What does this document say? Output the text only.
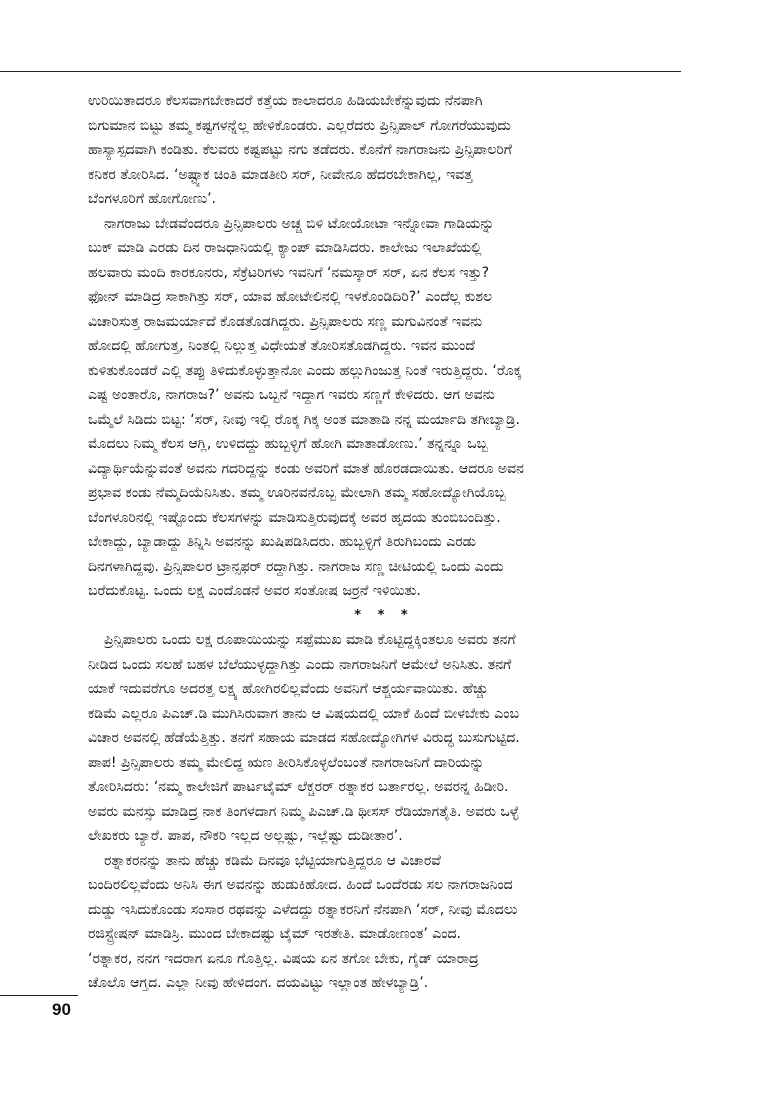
ಉರಿಯಿತಾದರೂ ಕೆಲಸವಾಗಬೇಕಾದರೆ ಕತ್ತೆಯ ಕಾಲಾದರೂ ಹಿಡಿಯಬೇಕೆನ್ನುವುದು ನೆನಪಾಗಿ
ಬಿಗುಮಾನ ಬಿಟ್ಟು ತಮ್ಮ ಕಷ್ಟಗಳನ್ನೆಲ್ಲ ಹೇಳಿಕೊಂಡರು. ಎಲ್ಲರೆದರು ಪ್ರಿನ್ಸಿಪಾಲ್ ಗೋಗರೆಯುವುದು
ಹಾಸ್ಯಾಸ್ಪದವಾಗಿ ಕಂಡಿತು. ಕೆಲವರು ಕಷ್ಟಪಟ್ಟು ನಗು ತಡೆದರು. ಕೊನೆಗೆ ನಾಗರಾಜನು ಪ್ರಿನ್ಸಿಪಾಲರಿಗೆ
ಕನಿಕರ ತೋರಿಸಿದ. ‘ಅಷ್ಟ್ಯಾಕ ಚಿಂತಿ ಮಾಡತೀರಿ ಸರ್, ನೀವೇನೂ ಹೆದರಬೇಕಾಗಿಲ್ಲ, ಇವತ್ತ
ಬೆಂಗಳೂರಿಗೆ ಹೋಗೋಣು’.
ನಾಗರಾಜು ಬೇಡವೆಂದರೂ ಪ್ರಿನ್ಸಿಪಾಲರು ಅಚ್ಚ ಬಿಳಿ ಟೋಯೋಟಾ ಇನ್ನೋವಾ ಗಾಡಿಯನ್ನು
ಬುಕ್ ಮಾಡಿ ಎರಡು ದಿನ ರಾಜಧಾನಿಯಲ್ಲಿ ಕ್ಯಾಂಪ್ ಮಾಡಿಸಿದರು. ಕಾಲೇಜು ಇಲಾಖೆಯಲ್ಲಿ
ಹಲವಾರು ಮಂದಿ ಕಾರಕೂನರು, ಸೆಕ್ರೆಟರಿಗಳು ಇವನಿಗೆ ‘ನಮಸ್ಕಾರ್ ಸರ್, ಏನ ಕೆಲಸ ಇತ್ತು?
ಫೋನ್ ಮಾಡಿದ್ರ ಸಾಕಾಗಿತ್ತು ಸರ್, ಯಾವ ಹೋಟೇಲಿನಲ್ಲಿ ಇಳಕೊಂಡಿದಿರಿ?’ ಎಂದೆಲ್ಲ ಕುಶಲ
ವಿಚಾರಿಸುತ್ತ ರಾಜಮರ್ಯಾದೆ ಕೊಡತೊಡಗಿದ್ದರು. ಪ್ರಿನ್ಸಿಪಾಲರು ಸಣ್ಣ ಮಗುವಿನಂತೆ ಇವನು
ಹೋದಲ್ಲಿ ಹೋಗುತ್ತ, ನಿಂತಲ್ಲಿ ನಿಲ್ಲುತ್ತ ವಿಧೇಯತೆ ತೋರಿಸತೊಡಗಿದ್ದರು. ಇವನ ಮುಂದೆ
ಕುಳಿತುಕೊಂಡರೆ ಎಲ್ಲಿ ತಪ್ಪು ತಿಳಿದುಕೊಳ್ಳುತ್ತಾನೋ ಎಂದು ಹಲ್ಲುಗಿಂಜುತ್ತ ನಿಂತೆ ಇರುತ್ತಿದ್ದರು. ‘ರೊಕ್ಕ
ಎಷ್ಟ ಅಂತಾರೊ, ನಾಗರಾಜ?’ ಅವನು ಒಬ್ಬನೆ ಇದ್ದಾಗ ಇವರು ಸಣ್ಣಗೆ ಕೇಳಿದರು. ಆಗ ಅವನು
ಒಮ್ಮೆಲೆ ಸಿಡಿದು ಬಿಟ್ಟ: ‘ಸರ್, ನೀವು ಇಲ್ಲಿ ರೊಕ್ಕ ಗಿಕ್ಕ ಅಂತ ಮಾತಾಡಿ ನನ್ನ ಮರ್ಯಾದಿ ತಗೀಬ್ಯಾಡ್ರಿ.
ಮೊದಲು ನಿಮ್ಮ ಕೆಲಸ ಆಗ್ಲಿ, ಉಳಿದದ್ದು ಹುಬ್ಬಳ್ಳಿಗೆ ಹೋಗಿ ಮಾತಾಡೋಣು.’ ತನ್ನನ್ನೂ ಒಬ್ಬ
ವಿದ್ಯಾರ್ಥಿಯೆನ್ನುವಂತೆ ಅವನು ಗದರಿದ್ದನ್ನು ಕಂಡು ಅವರಿಗೆ ಮಾತೆ ಹೊರಡದಾಯಿತು. ಆದರೂ ಅವನ
ಪ್ರಭಾವ ಕಂಡು ನೆಮ್ಮದಿಯೆನಿಸಿತು. ತಮ್ಮ ಊರಿನವನೊಬ್ಬ ಮೇಲಾಗಿ ತಮ್ಮ ಸಹೋದ್ಯೋಗಿಯೊಬ್ಬ
ಬೆಂಗಳೂರಿನಲ್ಲಿ ಇಷ್ಟೊಂದು ಕೆಲಸಗಳನ್ನು ಮಾಡಿಸುತ್ತಿರುವುದಕ್ಕೆ ಅವರ ಹೃದಯ ತುಂಬಿಬಂದಿತ್ತು.
ಬೇಕಾದ್ದು, ಬ್ಯಾಡಾದ್ದು ತಿನ್ನಿಸಿ ಅವನನ್ನು ಖುಷಿಪಡಿಸಿದರು. ಹುಬ್ಬಳ್ಳಿಗೆ ತಿರುಗಿಬಂದು ಎರಡು
ದಿನಗಳಾಗಿದ್ದವು. ಪ್ರಿನ್ಸಿಪಾಲರ ಟ್ರಾನ್ಸಫರ್ ರದ್ದಾಗಿತ್ತು. ನಾಗರಾಜ ಸಣ್ಣ ಚೀಟಿಯಲ್ಲಿ ಒಂದು ಎಂದು
ಬರೆದುಕೊಟ್ಟ. ಒಂದು ಲಕ್ಷ ಎಂದೊಡನೆ ಅವರ ಸಂತೋಷ ಜರ್ರನೆ ಇಳಿಯಿತು.
* * *
ಪ್ರಿನ್ಸಿಪಾಲರು ಒಂದು ಲಕ್ಷ ರೂಪಾಯಿಯನ್ನು ಸಪ್ಪೆಮುಖ ಮಾಡಿ ಕೊಟ್ಟಿದ್ದಕ್ಕಿಂತಲೂ ಅವರು ತನಗೆ
ನೀಡಿದ ಒಂದು ಸಲಹೆ ಬಹಳ ಬೆಲೆಯುಳ್ಳದ್ದಾಗಿತ್ತು ಎಂದು ನಾಗರಾಜನಿಗೆ ಆಮೇಲೆ ಅನಿಸಿತು. ತನಗೆ
ಯಾಕೆ ಇದುವರೆಗೂ ಅದರತ್ತ ಲಕ್ಷ್ಯ ಹೋಗಿರಲಿಲ್ಲವೆಂದು ಅವನಿಗೆ ಆಶ್ಚರ್ಯವಾಯಿತು. ಹೆಚ್ಚು
ಕಡಿಮೆ ಎಲ್ಲರೂ ಪಿಎಚ್.ಡಿ ಮುಗಿಸಿರುವಾಗ ತಾನು ಆ ವಿಷಯದಲ್ಲಿ ಯಾಕೆ ಹಿಂದೆ ಬೀಳಬೇಕು ಎಂಬ
ವಿಚಾರ ಅವನಲ್ಲಿ ಹೆಡೆಯೆತ್ತಿತ್ತು. ತನಗೆ ಸಹಾಯ ಮಾಡದ ಸಹೋದ್ಯೋಗಿಗಳ ವಿರುದ್ಧ ಬುಸುಗುಟ್ಟಿದ.
ಪಾಪ! ಪ್ರಿನ್ಸಿಪಾಲರು ತಮ್ಮ ಮೇಲಿದ್ದ ಋಣ ತೀರಿಸಿಕೊಳ್ಳಲೆಂಬಂತೆ ನಾಗರಾಜನಿಗೆ ದಾರಿಯನ್ನು
ತೋರಿಸಿದರು: ‘ನಮ್ಮ ಕಾಲೇಜಿಗೆ ಪಾರ್ಟಟೈಮ್ ಲೆಕ್ಚರರ್ ರತ್ನಾಕರ ಬರ್ತಾರಲ್ಲ. ಅವರನ್ನ ಹಿಡೀರಿ.
ಅವರು ಮನಸ್ಸು ಮಾಡಿದ್ರ ನಾಕ ತಿಂಗಳದಾಗ ನಿಮ್ಮ ಪಿಎಚ್.ಡಿ ಥೀಸಸ್ ರೆಡಿಯಾಗತೈತಿ. ಅವರು ಒಳ್ಳೆ
ಲೇಖಕರು ಬ್ಯಾರೆ. ಪಾಪ, ನೌಕರಿ ಇಲ್ಲದ ಅಲ್ಲಷ್ಟು, ಇಲ್ಲೆಷ್ಟು ದುಡೀತಾರ’.
ರತ್ನಾಕರನನ್ನು ತಾನು ಹೆಚ್ಚು ಕಡಿಮೆ ದಿನವೂ ಭೆಟ್ಟಿಯಾಗುತ್ತಿದ್ದರೂ ಆ ವಿಚಾರವೆ
ಬಂದಿರಲಿಲ್ಲವೆಂದು ಅನಿಸಿ ಈಗ ಅವನನ್ನು ಹುಡುಕಿಹೋದ. ಹಿಂದೆ ಒಂದೆರಡು ಸಲ ನಾಗರಾಜನಿಂದ
ದುಡ್ಡು ಇಸಿದುಕೊಂಡು ಸಂಸಾರ ರಥವನ್ನು ಎಳೆದದ್ದು ರತ್ನಾಕರನಿಗೆ ನೆನಪಾಗಿ ‘ಸರ್, ನೀವು ಮೊದಲು
ರಜಿಸ್ಟ್ರೇಷನ್ ಮಾಡಿಸ್ರಿ. ಮುಂದ ಬೇಕಾದಷ್ಟು ಟೈಮ್ ಇರತೇತಿ. ಮಾಡೋಣಂತ’ ಎಂದ.
‘ರತ್ನಾಕರ, ನನಗ ಇದರಾಗ ಏನೂ ಗೊತ್ತಿಲ್ಲ. ವಿಷಯ ಏನ ತಗೋ ಬೇಕು, ಗೈಡ್ ಯಾರಾದ್ರ
ಚೊಲೊ ಆಗ್ತದ. ಎಲ್ಲಾ ನೀವು ಹೇಳಿದಂಗ. ದಯವಿಟ್ಟು ಇಲ್ಲಾಂತ ಹೇಳಬ್ಯಾಡ್ರಿ’.
90
